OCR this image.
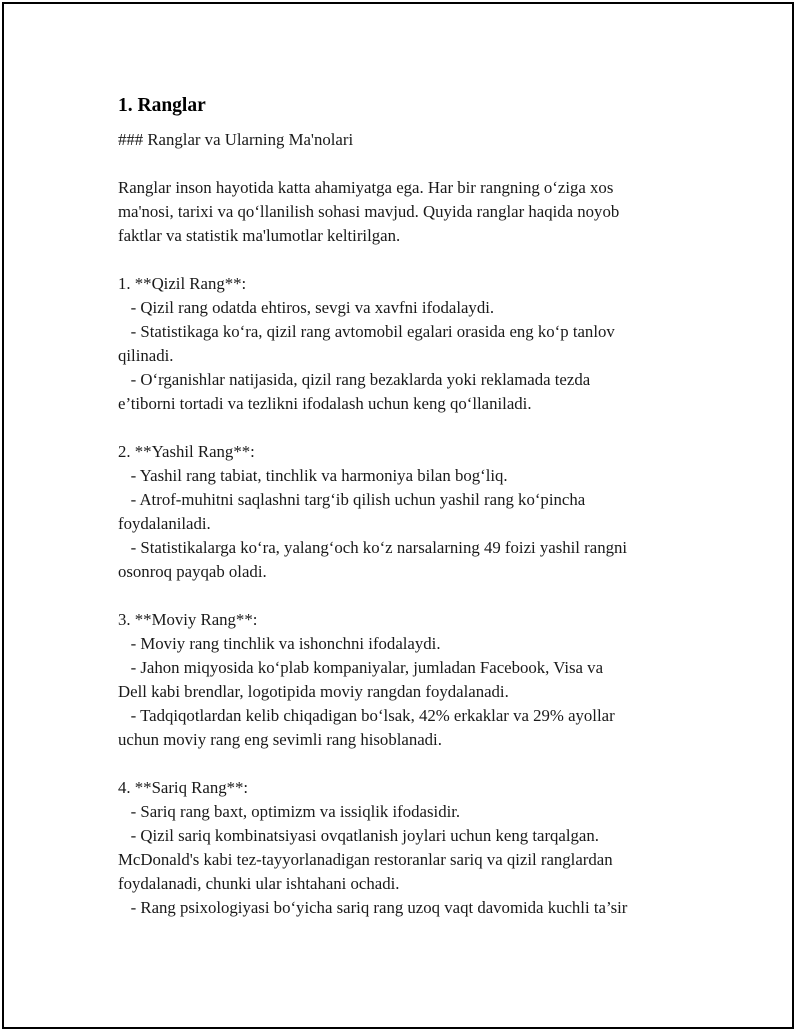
1. Ranglar

### Ranglar va Ularning Ma'nolari

Ranglar inson hayotida katta ahamiyatga ega. Har bir rangning o‘ziga xos

ma'nosi, tarixi va qo‘llanilish sohasi mavjud. Quyida ranglar haqida noyob

faktlar va statistik ma'lumotlar keltirilgan.

1. **Qizil Rang**:

- Qizil rang odatda ehtiros, sevgi va xavfni ifodalaydi.

- Statistikaga ko‘ra, qizil rang avtomobil egalari orasida eng ko‘p tanlov

qilinadi.

- O‘rganishlar natijasida, qizil rang bezaklarda yoki reklamada tezda

e’tiborni tortadi va tezlikni ifodalash uchun keng qo‘llaniladi.

2. **Yashil Rang**:

- Yashil rang tabiat, tinchlik va harmoniya bilan bog‘liq.

- Atrof-muhitni saqlashni targ‘ib qilish uchun yashil rang ko‘pincha

foydalaniladi.

- Statistikalarga ko‘ra, yalang‘och ko‘z narsalarning 49 foizi yashil rangni

osonroq payqab oladi.

3. **Moviy Rang**:

- Moviy rang tinchlik va ishonchni ifodalaydi.

- Jahon miqyosida ko‘plab kompaniyalar, jumladan Facebook, Visa va

Dell kabi brendlar, logotipida moviy rangdan foydalanadi.

- Tadqiqotlardan kelib chiqadigan bo‘lsak, 42% erkaklar va 29% ayollar

uchun moviy rang eng sevimli rang hisoblanadi.

4. **Sariq Rang**:

- Sariq rang baxt, optimizm va issiqlik ifodasidir.

- Qizil sariq kombinatsiyasi ovqatlanish joylari uchun keng tarqalgan.

McDonald's kabi tez-tayyorlanadigan restoranlar sariq va qizil ranglardan

foydalanadi, chunki ular ishtahani ochadi.

- Rang psixologiyasi bo‘yicha sariq rang uzoq vaqt davomida kuchli ta’sir
